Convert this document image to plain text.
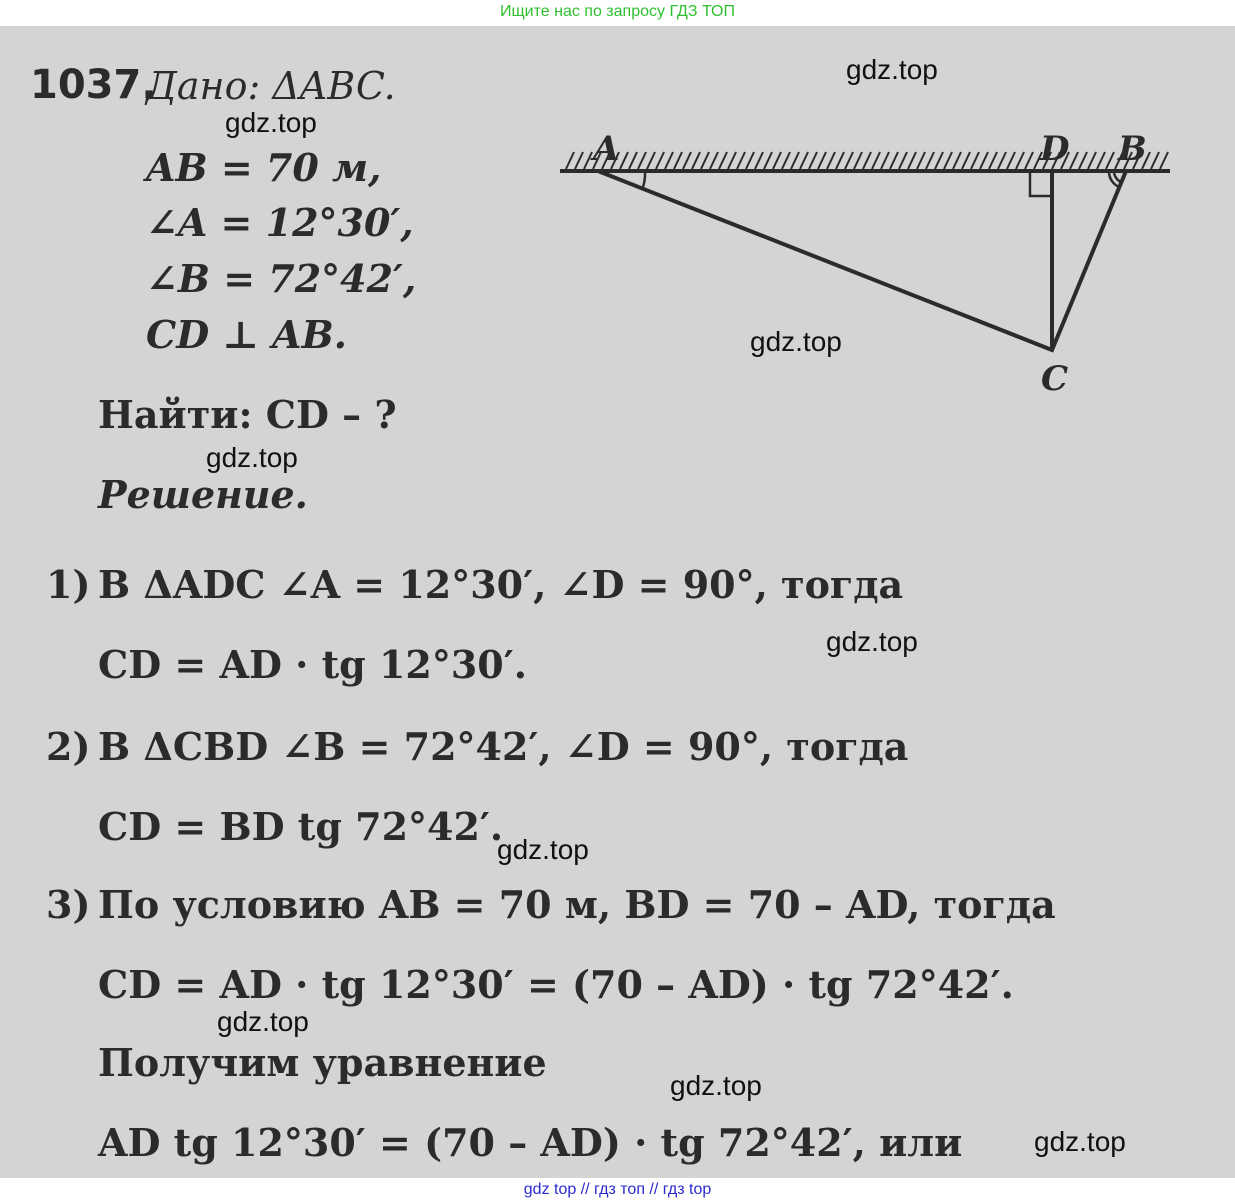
Ищите нас по запросу ГДЗ ТОП
A	D B
C
1037.
Дано: ΔABC.
AB = 70 м,
∠A = 12°30′,
∠B = 72°42′,
CD ⊥ AB.
Найти: CD – ?
Решение.
1) В ΔADC ∠A = 12°30′, ∠D = 90°, тогда
CD = AD · tg 12°30′.
2) В ΔCBD ∠B = 72°42′, ∠D = 90°, тогда
CD = BD tg 72°42′.
3) По условию AB = 70 м, BD = 70 – AD, тогда
CD = AD · tg 12°30′ = (70 – AD) · tg 72°42′.
Получим уравнение
AD tg 12°30′ = (70 – AD) · tg 72°42′, или
gdz.top
gdz.top
gdz.top
gdz.top
gdz.top
gdz.top
gdz.top
gdz.top
gdz.top
gdz top // гдз топ // гдз top
